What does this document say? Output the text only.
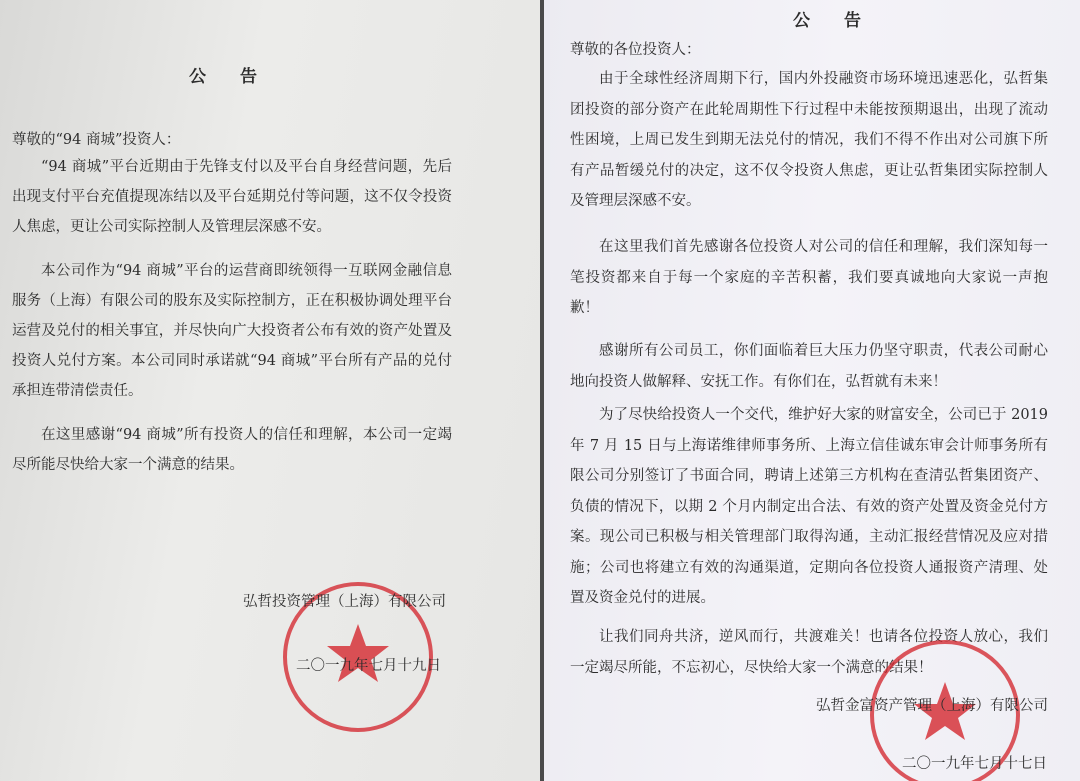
公 告
尊敬的“94 商城”投资人：

“94 商城”平台近期由于先锋支付以及平台自身经营问题，先后出现支付平台充值提现冻结以及平台延期兑付等问题，这不仅令投资人焦虑，更让公司实际控制人及管理层深感不安。

本公司作为“94 商城”平台的运营商即统领得一互联网金融信息服务（上海）有限公司的股东及实际控制方，正在积极协调处理平台运营及兑付的相关事宜，并尽快向广大投资者公布有效的资产处置及投资人兑付方案。本公司同时承诺就“94 商城”平台所有产品的兑付承担连带清偿责任。

在这里感谢“94 商城”所有投资人的信任和理解，本公司一定竭尽所能尽快给大家一个满意的结果。

弘哲投资管理（上海）有限公司
二〇一九年七月十九日
公 告
尊敬的各位投资人：

由于全球性经济周期下行，国内外投融资市场环境迅速恶化，弘哲集团投资的部分资产在此轮周期性下行过程中未能按预期退出，出现了流动性困境，上周已发生到期无法兑付的情况，我们不得不作出对公司旗下所有产品暂缓兑付的决定，这不仅令投资人焦虑，更让弘哲集团实际控制人及管理层深感不安。

在这里我们首先感谢各位投资人对公司的信任和理解，我们深知每一笔投资都来自于每一个家庭的辛苦积蓄，我们要真诚地向大家说一声抱歉！

感谢所有公司员工，你们面临着巨大压力仍坚守职责，代表公司耐心地向投资人做解释、安抚工作。有你们在，弘哲就有未来！

为了尽快给投资人一个交代，维护好大家的财富安全，公司已于 2019 年 7 月 15 日与上海诺维律师事务所、上海立信佳诚东审会计师事务所有限公司分别签订了书面合同，聘请上述第三方机构在查清弘哲集团资产、负债的情况下，以期 2 个月内制定出合法、有效的资产处置及资金兑付方案。现公司已积极与相关管理部门取得沟通，主动汇报经营情况及应对措施；公司也将建立有效的沟通渠道，定期向各位投资人通报资产清理、处置及资金兑付的进展。

让我们同舟共济，逆风而行，共渡难关！也请各位投资人放心，我们一定竭尽所能，不忘初心，尽快给大家一个满意的结果！

弘哲金富资产管理（上海）有限公司
二〇一九年七月十七日
